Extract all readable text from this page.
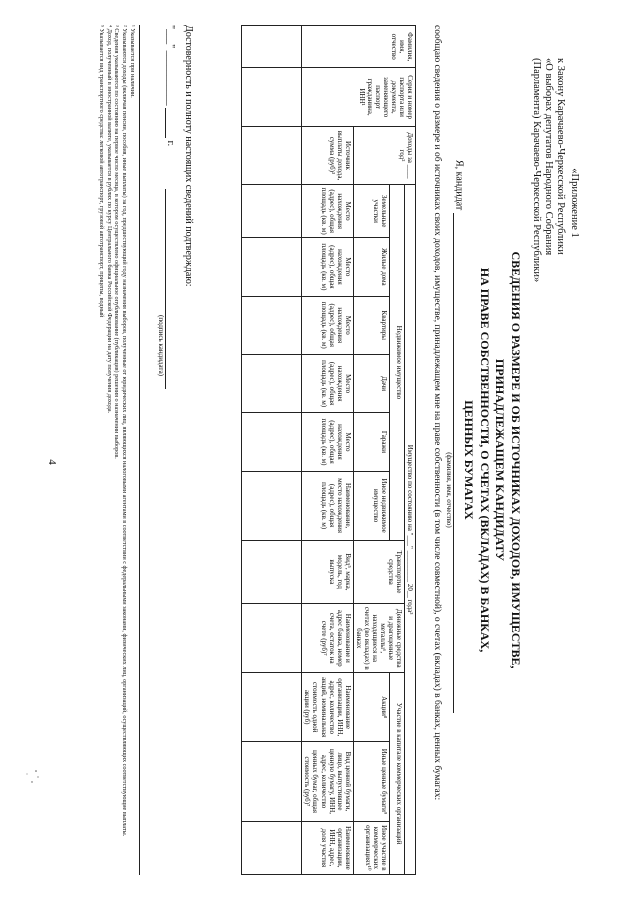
4
«Приложение 1
к Закону Карачаево-Черкесской Республики
«О выборах депутатов Народного Собрания
(Парламента) Карачаево-Черкесской Республики»
СВЕДЕНИЯ О РАЗМЕРЕ И ОБ ИСТОЧНИКАХ ДОХОДОВ, ИМУЩЕСТВЕ, ПРИНАДЛЕЖАЩЕМ КАНДИДАТУ
НА ПРАВЕ СОБСТВЕННОСТИ, О СЧЕТАХ (ВКЛАДАХ) В БАНКАХ,
ЦЕННЫХ БУМАГАХ
Я, кандидат
(фамилия, имя, отчество)
сообщаю сведения о размере и об источниках своих доходов, имуществе, принадлежащем мне на праве собственности (в том числе совместной), о счетах (вкладах) в банках, ценных бумагах:
Фамилия, имя, отчество	Серия и номер паспорта или документа, заменяющего паспорт гражданина, ИНН¹	Доходы за ____ год²	Имущество по состоянию на "___" _________ 20__ года³										
			Недвижимое имущество						Транспортные средства	Денежные средства и драгоценные металлы⁶, находящиеся на счетах (во вкладах) в банках	Участие в капитале коммерческих организаций		
			Земельные участки	Жилые дома	Квартиры	Дачи	Гаражи	Иное недвижимое имущество			Акции⁸	Иные ценные бумаги⁹	Иное участие в коммерческих организациях¹⁰
		Источник выплаты дохода, сумма (руб)³	Место нахождения (адрес), общая площадь (кв. м)	Место нахождения (адрес), общая площадь (кв. м)	Место нахождения (адрес), общая площадь (кв. м)	Место нахождения (адрес), общая площадь (кв. м)	Место нахождения (адрес), общая площадь (кв. м)	Наименование, место нахождения (адрес), общая площадь (кв. м)	Вид⁵, марка, модель, год выпуска	Наименование и адрес банка, номер счета, остаток на счете (руб)⁷	Наименование организации, ИНН, адрес, количество акций, номинальная стоимость одной акции (руб)	Вид ценной бумаги, лицо, выпустившее ценную бумагу, ИНН, адрес, количество ценных бумаг, общая стоимость (руб)⁷	Наименование организации, ИНН, адрес, доля участия

Достоверность и полноту настоящих сведений подтверждаю:
"___" ___________  г.
(подпись кандидата)
¹ Указывается при наличии.
² Указываются доходы (включая пенсии, пособия, иные выплаты) за год, предшествующий году назначения выборов, полученные от юридических лиц, являющихся налоговыми агентами в соответствии с федеральными законами, физических лиц, организаций, осуществляющих соответствующие выплаты.
³ Сведения указываются по состоянию на первое число месяца, в котором осуществлено официальное опубликование (публикация) решения о назначении выборов.
⁴ Доход, полученный в иностранной валюте, указывается в рублях по курсу Центрального банка Российской Федерации на дату получения дохода.
⁵ Указывается вид транспортного средства: легковой автотранспорт, грузовой автотранспорт, прицепы, водный
